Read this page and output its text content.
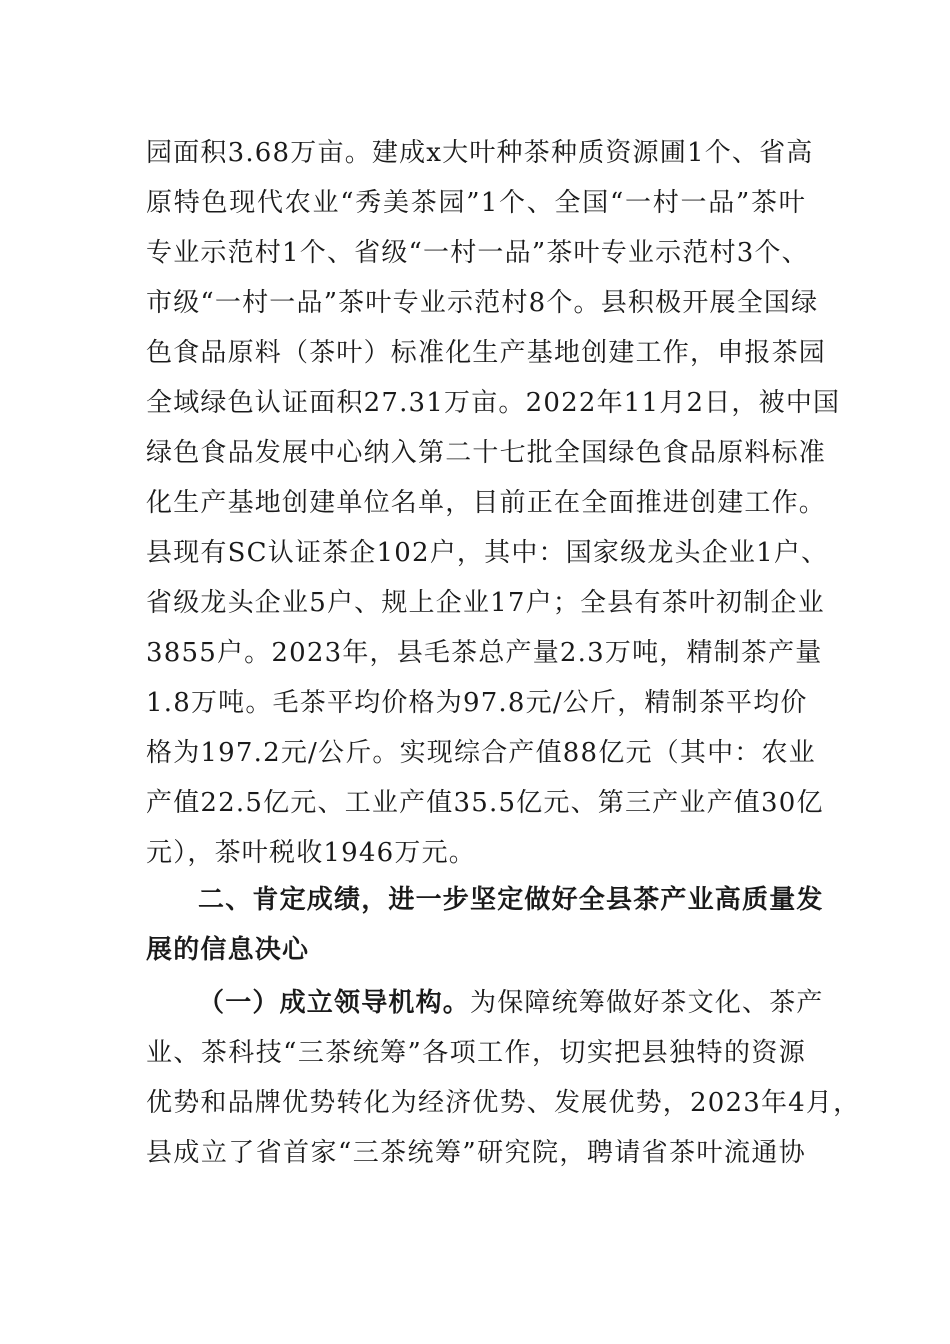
园面积3.68万亩。建成x大叶种茶种质资源圃1个、省高
原特色现代农业“秀美茶园”1个、全国“一村一品”茶叶
专业示范村1个、省级“一村一品”茶叶专业示范村3个、
市级“一村一品”茶叶专业示范村8个。县积极开展全国绿
色食品原料（茶叶）标准化生产基地创建工作，申报茶园
全域绿色认证面积27.31万亩。2022年11月2日，被中国
绿色食品发展中心纳入第二十七批全国绿色食品原料标准
化生产基地创建单位名单，目前正在全面推进创建工作。
县现有SC认证茶企102户，其中：国家级龙头企业1户、
省级龙头企业5户、规上企业17户；全县有茶叶初制企业
3855户。2023年，县毛茶总产量2.3万吨，精制茶产量
1.8万吨。毛茶平均价格为97.8元/公斤，精制茶平均价
格为197.2元/公斤。实现综合产值88亿元（其中：农业
产值22.5亿元、工业产值35.5亿元、第三产业产值30亿
元），茶叶税收1946万元。
二、肯定成绩，进一步坚定做好全县茶产业高质量发
展的信息决心
（一）成立领导机构。 为保障统筹做好茶文化、茶产
业、茶科技“三茶统筹”各项工作，切实把县独特的资源
优势和品牌优势转化为经济优势、发展优势，2023年4月，
县成立了省首家“三茶统筹”研究院，聘请省茶叶流通协
